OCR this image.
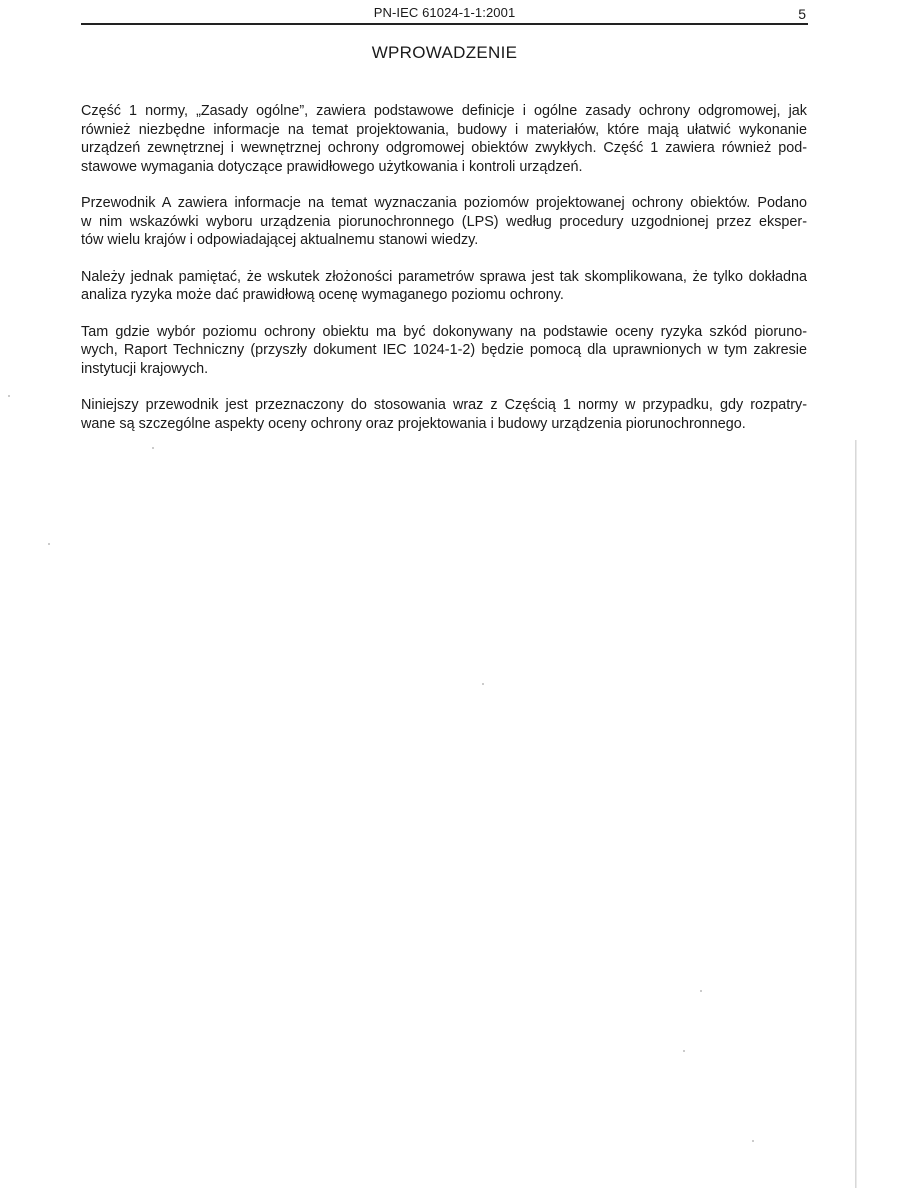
PN-IEC 61024-1-1:2001	5
WPROWADZENIE

Część 1 normy, „Zasady ogólne”, zawiera podstawowe definicje i ogólne zasady ochrony odgromowej, jak
również niezbędne informacje na temat projektowania, budowy i materiałów, które mają ułatwić wykonanie
urządzeń zewnętrznej i wewnętrznej ochrony odgromowej obiektów zwykłych. Część 1 zawiera również pod-
stawowe wymagania dotyczące prawidłowego użytkowania i kontroli urządzeń.

Przewodnik A zawiera informacje na temat wyznaczania poziomów projektowanej ochrony obiektów. Podano
w nim wskazówki wyboru urządzenia piorunochronnego (LPS) według procedury uzgodnionej przez eksper-
tów wielu krajów i odpowiadającej aktualnemu stanowi wiedzy.

Należy jednak pamiętać, że wskutek złożoności parametrów sprawa jest tak skomplikowana, że tylko dokładna
analiza ryzyka może dać prawidłową ocenę wymaganego poziomu ochrony.

Tam gdzie wybór poziomu ochrony obiektu ma być dokonywany na podstawie oceny ryzyka szkód pioruno-
wych, Raport Techniczny (przyszły dokument IEC 1024-1-2) będzie pomocą dla uprawnionych w tym zakresie
instytucji krajowych.

Niniejszy przewodnik jest przeznaczony do stosowania wraz z Częścią 1 normy w przypadku, gdy rozpatry-
wane są szczególne aspekty oceny ochrony oraz projektowania i budowy urządzenia piorunochronnego.
